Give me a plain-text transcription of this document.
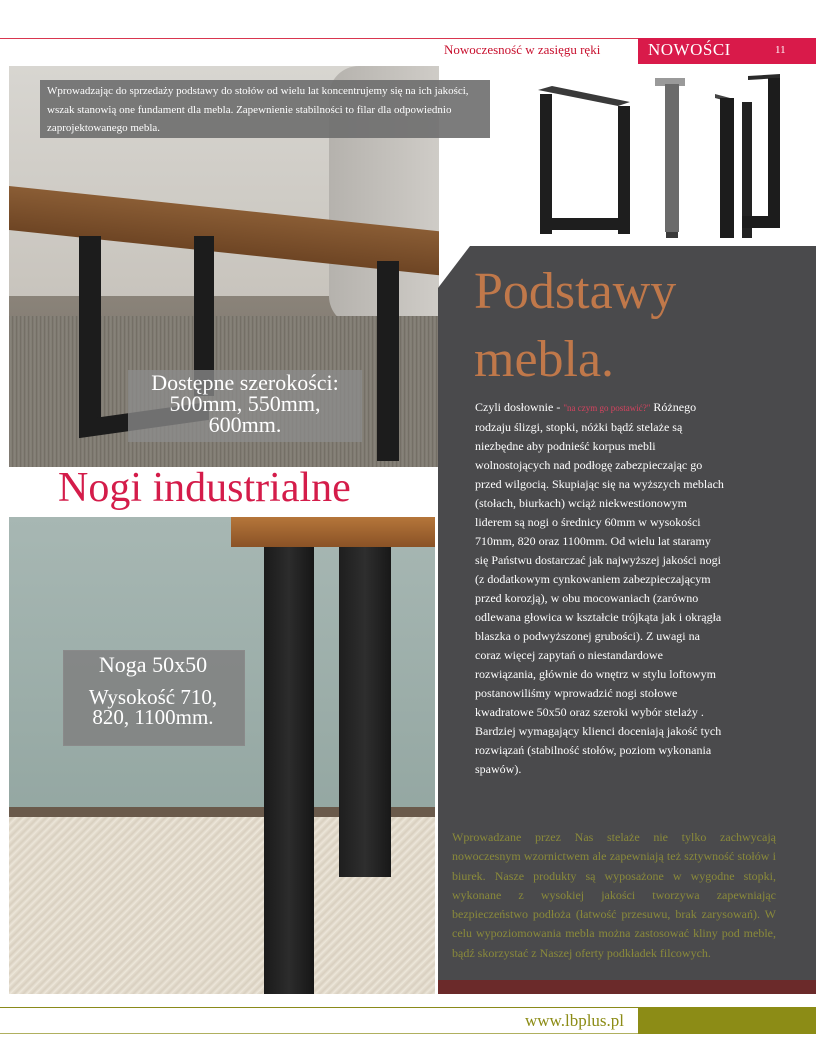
Nowoczesność w zasięgu ręki	NOWOŚCI	11
Wprowadzając do sprzedaży podstawy do stołów od wielu lat koncentrujemy się na ich jakości, wszak stanowią one fundament dla mebla. Zapewnienie stabilności to filar dla odpowiednio zaprojektowanego mebla.
Dostępne szerokości:
500mm, 550mm,
600mm.
Podstawy
mebla.
Czyli dosłownie - "na czym go postawić?" Różnego rodzaju ślizgi, stopki, nóżki bądź stelaże są niezbędne aby podnieść korpus mebli wolnostojących nad podłogę zabezpieczając go przed wilgocią. Skupiając się na wyższych meblach (stołach, biurkach) wciąż niekwestionowym liderem są nogi o średnicy 60mm w wysokości 710mm, 820 oraz 1100mm. Od wielu lat staramy się Państwu dostarczać jak najwyższej jakości nogi (z dodatkowym cynkowaniem zabezpieczającym przed korozją), w obu mocowaniach (zarówno odlewana głowica w kształcie trójkąta jak i okrągła blaszka o podwyższonej grubości). Z uwagi na coraz więcej zapytań o niestandardowe rozwiązania, głównie do wnętrz w stylu loftowym postanowiliśmy wprowadzić nogi stołowe kwadratowe 50x50 oraz szeroki wybór stelaży . Bardziej wymagający klienci doceniają jakość tych rozwiązań (stabilność stołów, poziom wykonania spawów).
Wprowadzane przez Nas stelaże nie tylko zachwycają nowoczesnym wzornictwem ale zapewniają też sztywność stołów i biurek. Nasze produkty są wyposażone w wygodne stopki, wykonane z wysokiej jakości tworzywa zapewniając bezpieczeństwo podłoża (łatwość przesuwu, brak zarysowań). W celu wypoziomowania mebla można zastosować kliny pod meble, bądź skorzystać z Naszej oferty podkładek filcowych.
Nogi industrialne
Noga 50x50
Wysokość 710,
820, 1100mm.
www.lbplus.pl
